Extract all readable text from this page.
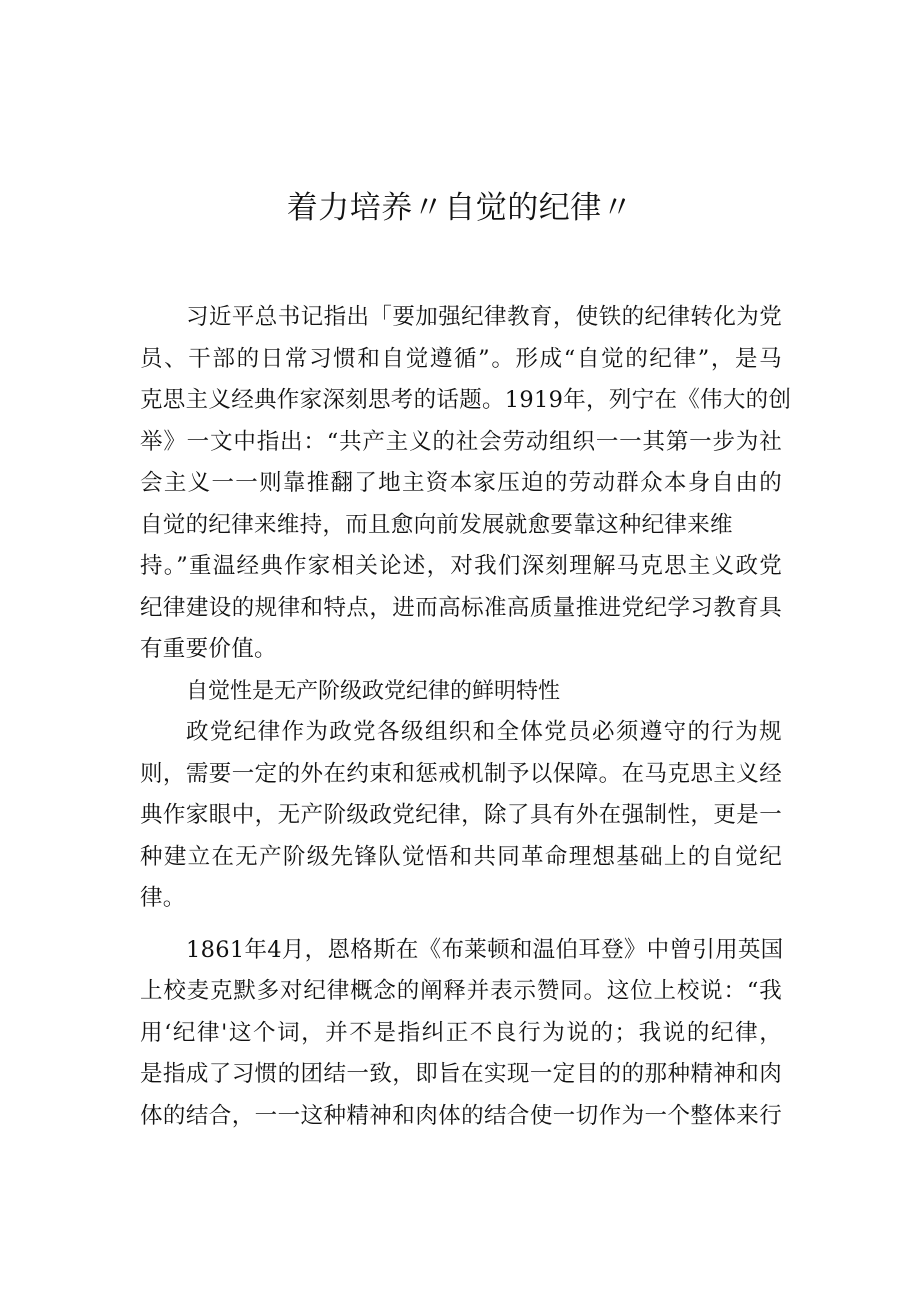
着力培养〃自觉的纪律〃
习近平总书记指出「要加强纪律教育，使铁的纪律转化为党
员、干部的日常习惯和自觉遵循”。形成“自觉的纪律”，是马
克思主义经典作家深刻思考的话题。1919年，列宁在《伟大的创
举》一文中指出：“共产主义的社会劳动组织一一其第一步为社
会主义一一则靠推翻了地主资本家压迫的劳动群众本身自由的
自觉的纪律来维持，而且愈向前发展就愈要靠这种纪律来维
持。”重温经典作家相关论述，对我们深刻理解马克思主义政党
纪律建设的规律和特点，进而高标准高质量推进党纪学习教育具
有重要价值。
自觉性是无产阶级政党纪律的鲜明特性
政党纪律作为政党各级组织和全体党员必须遵守的行为规
则，需要一定的外在约束和惩戒机制予以保障。在马克思主义经
典作家眼中，无产阶级政党纪律，除了具有外在强制性，更是一
种建立在无产阶级先锋队觉悟和共同革命理想基础上的自觉纪
律。
1861年4月，恩格斯在《布莱顿和温伯耳登》中曾引用英国
上校麦克默多对纪律概念的阐释并表示赞同。这位上校说：“我
用‘纪律'这个词，并不是指纠正不良行为说的；我说的纪律，
是指成了习惯的团结一致，即旨在实现一定目的的那种精神和肉
体的结合，一一这种精神和肉体的结合使一切作为一个整体来行
